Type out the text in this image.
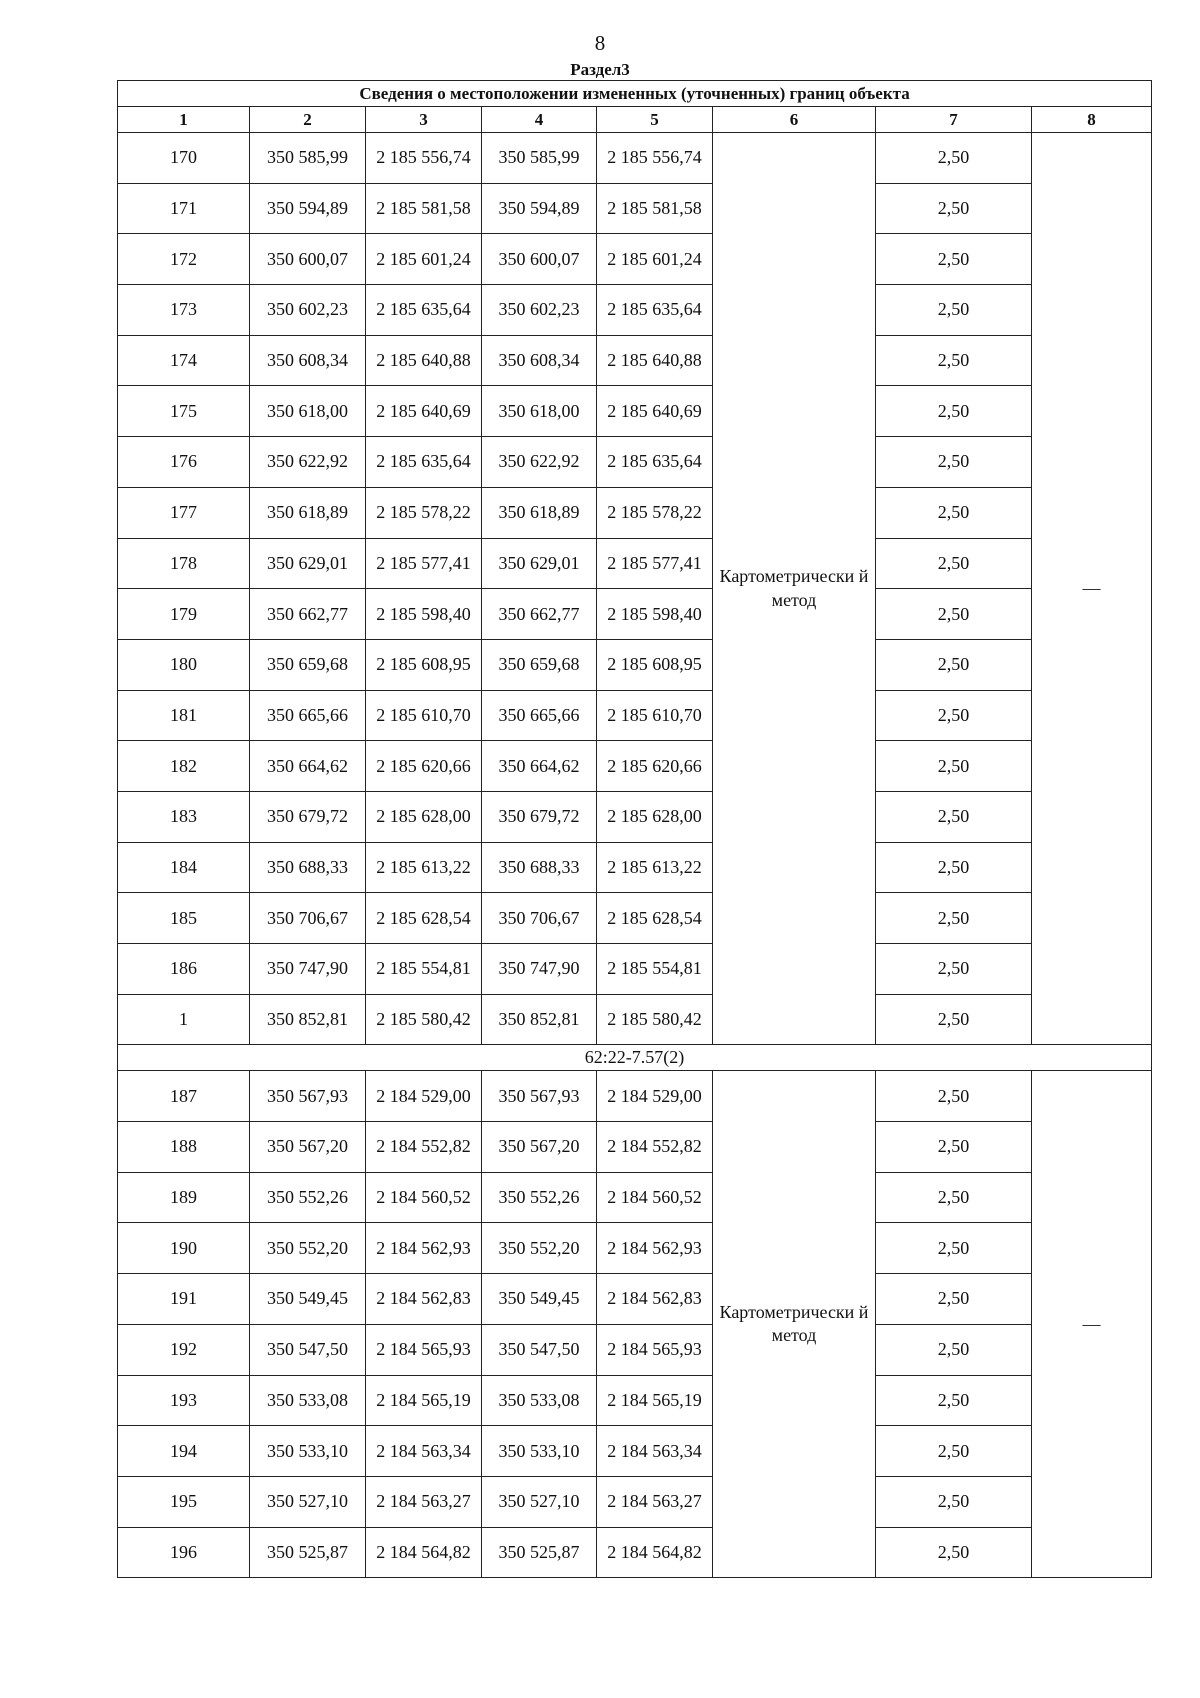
8
Раздел3
Сведения о местоположении измененных (уточненных) границ объекта							
1	2	3	4	5	6	7	8
170	350 585,99	2 185 556,74	350 585,99	2 185 556,74	Картометрически й метод	2,50	—
171	350 594,89	2 185 581,58	350 594,89	2 185 581,58		2,50	
172	350 600,07	2 185 601,24	350 600,07	2 185 601,24		2,50	
173	350 602,23	2 185 635,64	350 602,23	2 185 635,64		2,50	
174	350 608,34	2 185 640,88	350 608,34	2 185 640,88		2,50	
175	350 618,00	2 185 640,69	350 618,00	2 185 640,69		2,50	
176	350 622,92	2 185 635,64	350 622,92	2 185 635,64		2,50	
177	350 618,89	2 185 578,22	350 618,89	2 185 578,22		2,50	
178	350 629,01	2 185 577,41	350 629,01	2 185 577,41		2,50	
179	350 662,77	2 185 598,40	350 662,77	2 185 598,40		2,50	
180	350 659,68	2 185 608,95	350 659,68	2 185 608,95		2,50	
181	350 665,66	2 185 610,70	350 665,66	2 185 610,70		2,50	
182	350 664,62	2 185 620,66	350 664,62	2 185 620,66		2,50	
183	350 679,72	2 185 628,00	350 679,72	2 185 628,00		2,50	
184	350 688,33	2 185 613,22	350 688,33	2 185 613,22		2,50	
185	350 706,67	2 185 628,54	350 706,67	2 185 628,54		2,50	
186	350 747,90	2 185 554,81	350 747,90	2 185 554,81		2,50	
1	350 852,81	2 185 580,42	350 852,81	2 185 580,42		2,50	
62:22-7.57(2)							
187	350 567,93	2 184 529,00	350 567,93	2 184 529,00	Картометрически й метод	2,50	—
188	350 567,20	2 184 552,82	350 567,20	2 184 552,82		2,50	
189	350 552,26	2 184 560,52	350 552,26	2 184 560,52		2,50	
190	350 552,20	2 184 562,93	350 552,20	2 184 562,93		2,50	
191	350 549,45	2 184 562,83	350 549,45	2 184 562,83		2,50	
192	350 547,50	2 184 565,93	350 547,50	2 184 565,93		2,50	
193	350 533,08	2 184 565,19	350 533,08	2 184 565,19		2,50	
194	350 533,10	2 184 563,34	350 533,10	2 184 563,34		2,50	
195	350 527,10	2 184 563,27	350 527,10	2 184 563,27		2,50	
196	350 525,87	2 184 564,82	350 525,87	2 184 564,82		2,50	
